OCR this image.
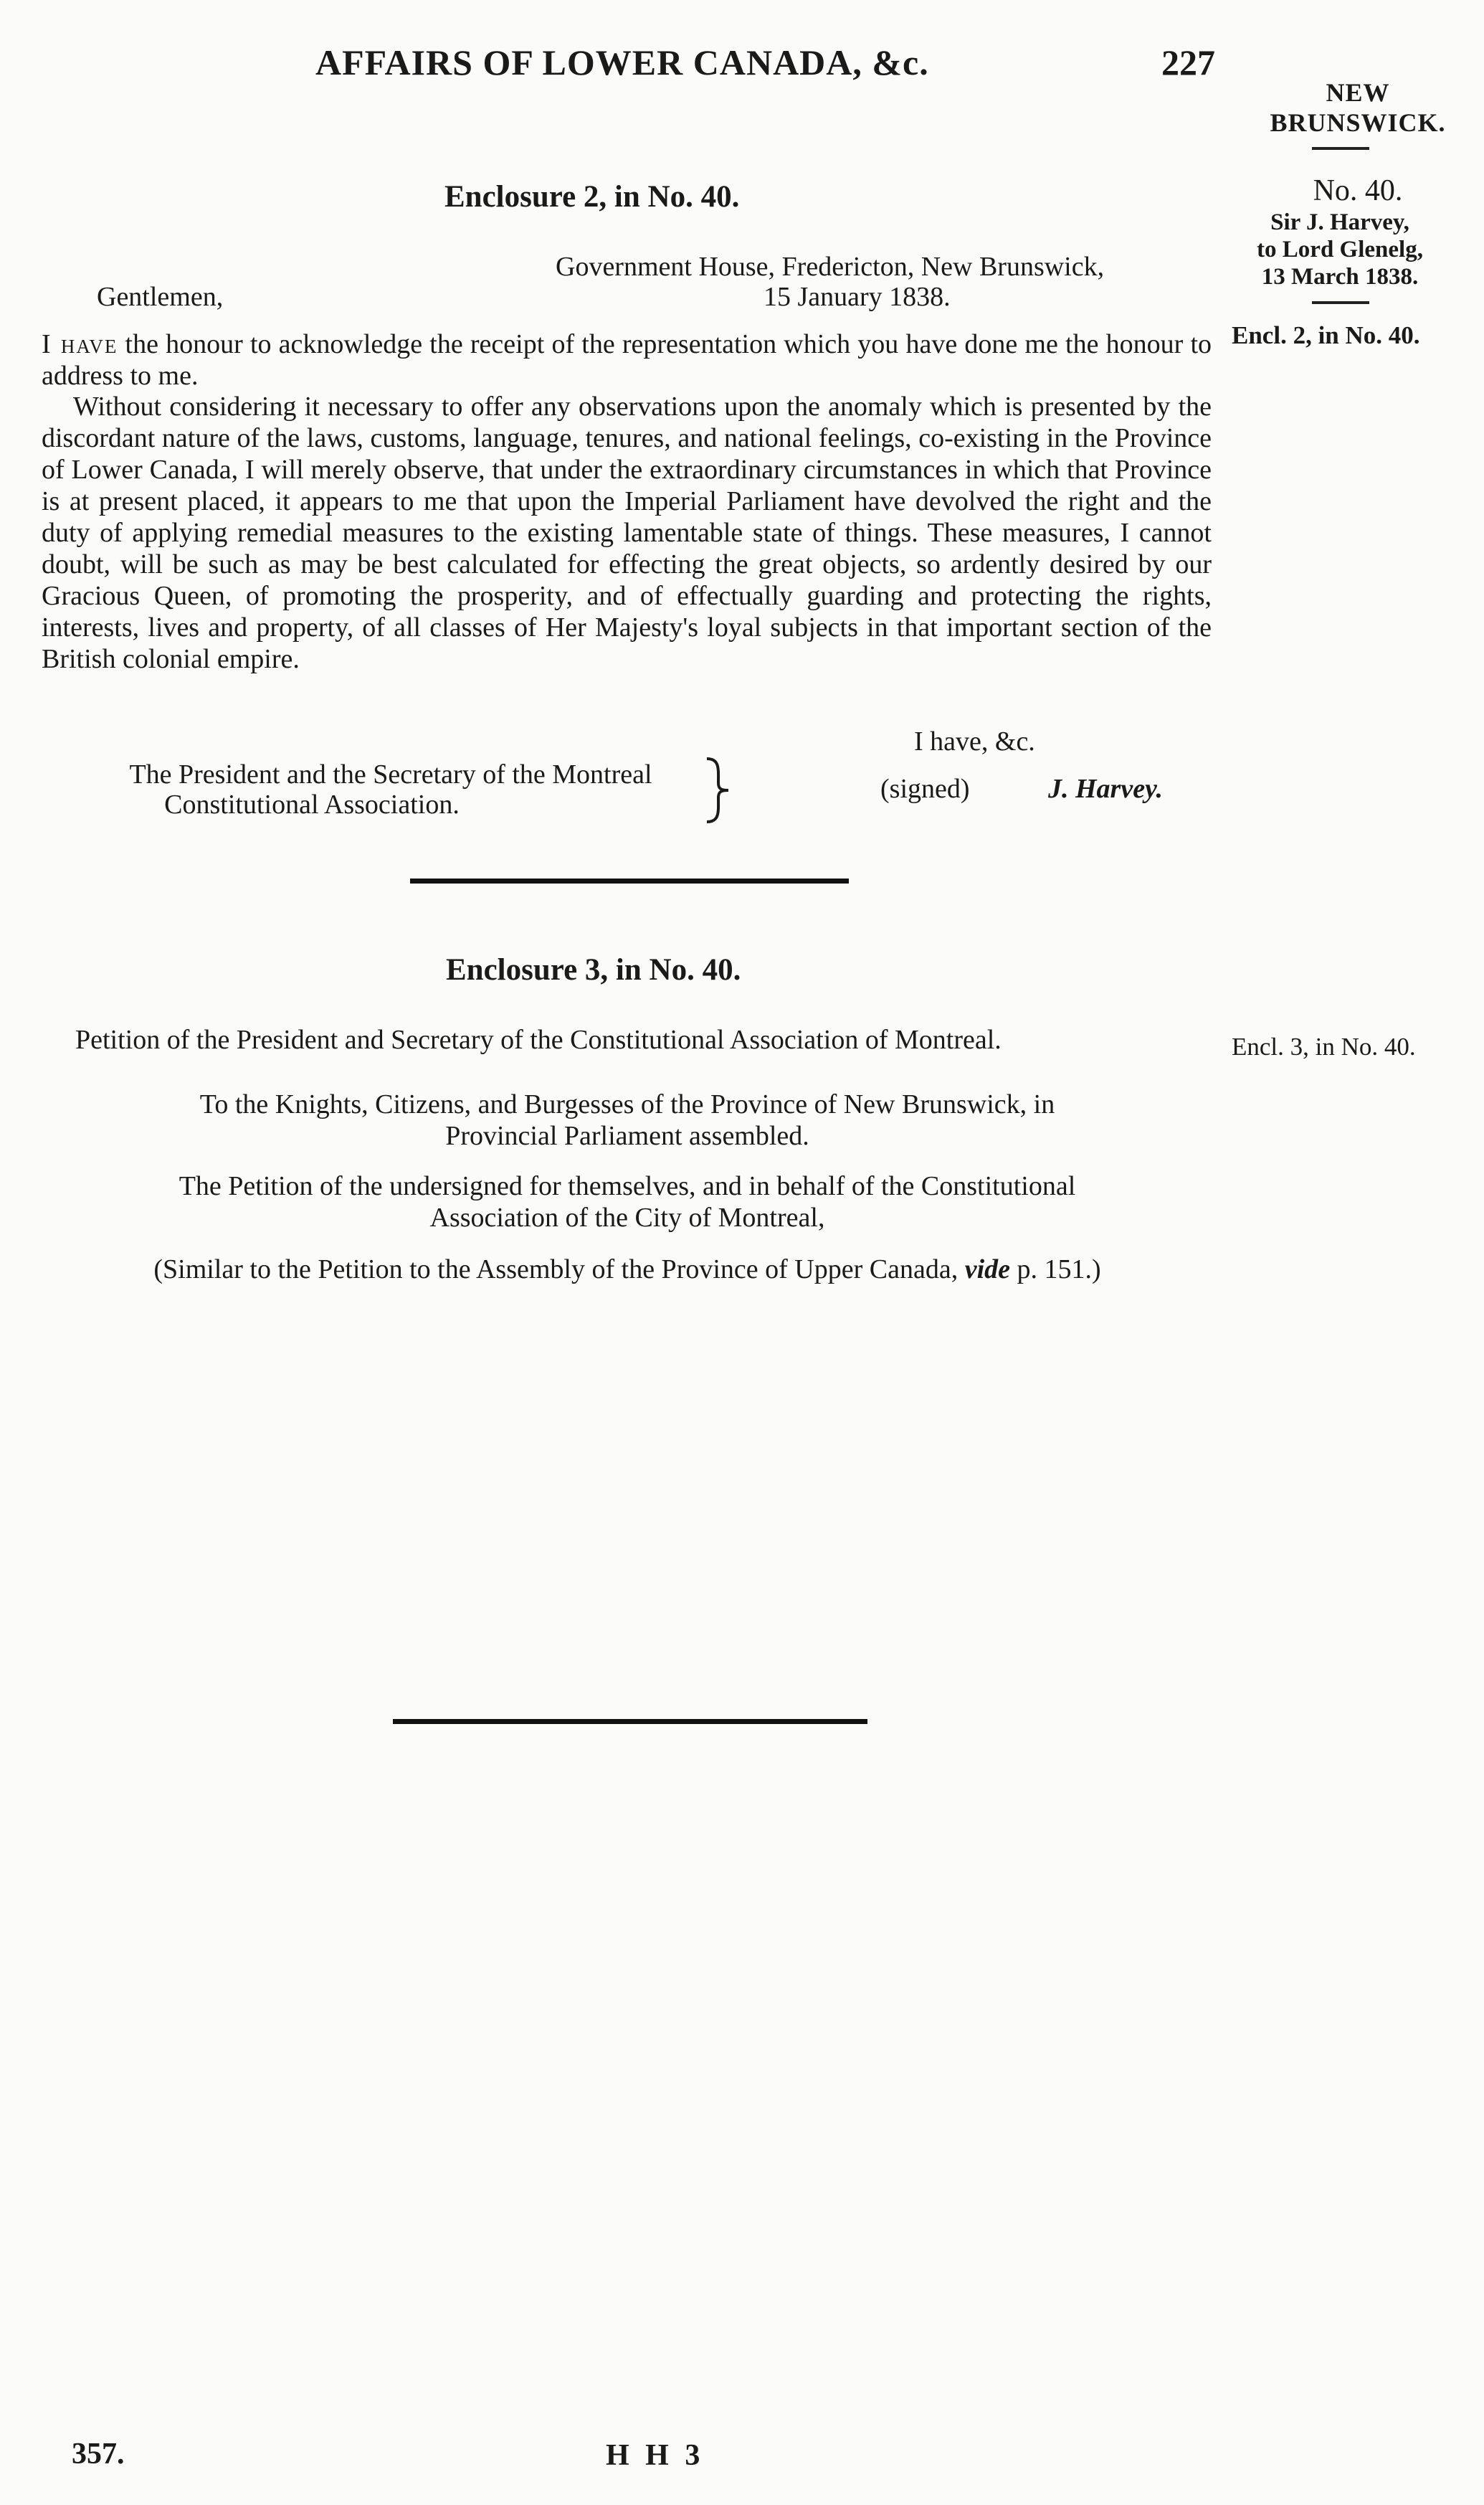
AFFAIRS OF LOWER CANADA, &c.	227
NEW
BRUNSWICK.
No. 40.
Sir J. Harvey,
to Lord Glenelg,
13 March 1838.
Enclosure 2, in No. 40.
Encl. 2, in No. 40.
Government House, Fredericton, New Brunswick,
15 January 1838.
Gentlemen,
I have the honour to acknowledge the receipt of the representation which you have done me the honour to address to me.
Without considering it necessary to offer any observations upon the anomaly which is presented by the discordant nature of the laws, customs, language, tenures, and national feelings, co-existing in the Province of Lower Canada, I will merely observe, that under the extraordinary circumstances in which that Province is at present placed, it appears to me that upon the Imperial Parliament have devolved the right and the duty of applying remedial measures to the existing lamentable state of things. These measures, I cannot doubt, will be such as may be best calculated for effecting the great objects, so ardently desired by our Gracious Queen, of promoting the prosperity, and of effectually guarding and protecting the rights, interests, lives and property, of all classes of Her Majesty's loyal subjects in that important section of the British colonial empire.
I have, &c.
(signed)	J. Harvey.
The President and the Secretary of the Montreal
Constitutional Association.
Enclosure 3, in No. 40.
Encl. 3, in No. 40.
Petition of the President and Secretary of the Constitutional Association of Montreal.
To the Knights, Citizens, and Burgesses of the Province of New Brunswick, in
Provincial Parliament assembled.
The Petition of the undersigned for themselves, and in behalf of the Constitutional
Association of the City of Montreal,
(Similar to the Petition to the Assembly of the Province of Upper Canada, vide p. 151.)
357.	H H 3
